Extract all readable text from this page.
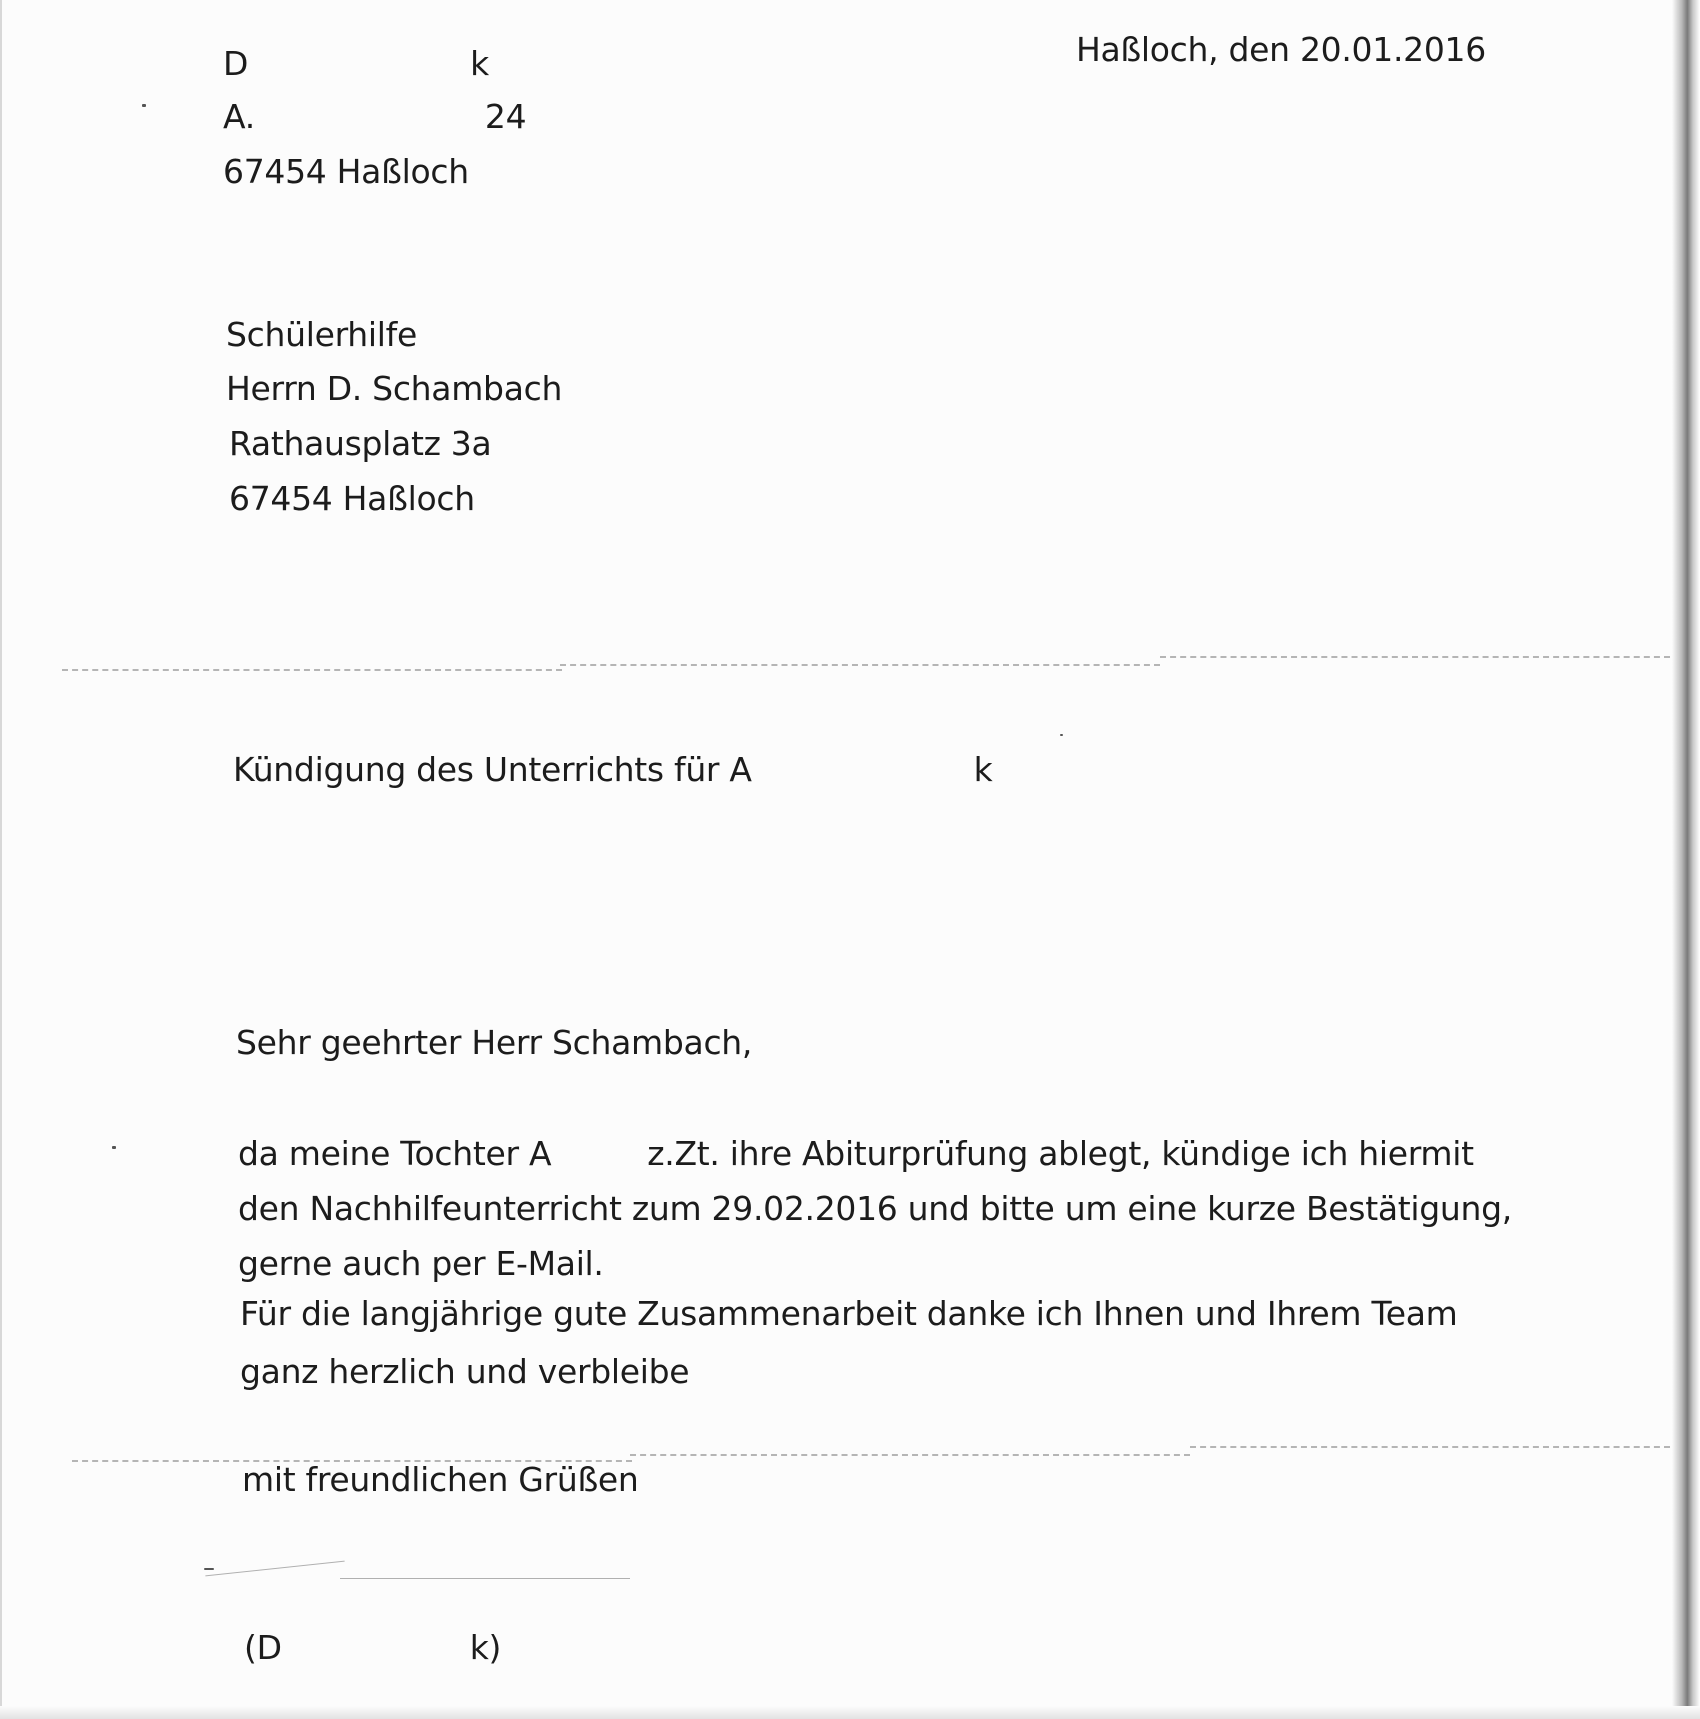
D	k
A.	24
67454 Haßloch
Haßloch, den 20.01.2016
Schülerhilfe
Herrn D. Schambach
Rathausplatz 3a
67454 Haßloch
Kündigung des Unterrichts für A	k
Sehr geehrter Herr Schambach,
da meine Tochter A	z.Zt. ihre Abiturprüfung ablegt, kündige ich hiermit
den Nachhilfeunterricht zum 29.02.2016 und bitte um eine kurze Bestätigung,
gerne auch per E-Mail.
Für die langjährige gute Zusammenarbeit danke ich Ihnen und Ihrem Team
ganz herzlich und verbleibe
mit freundlichen Grüßen
(D	k)
